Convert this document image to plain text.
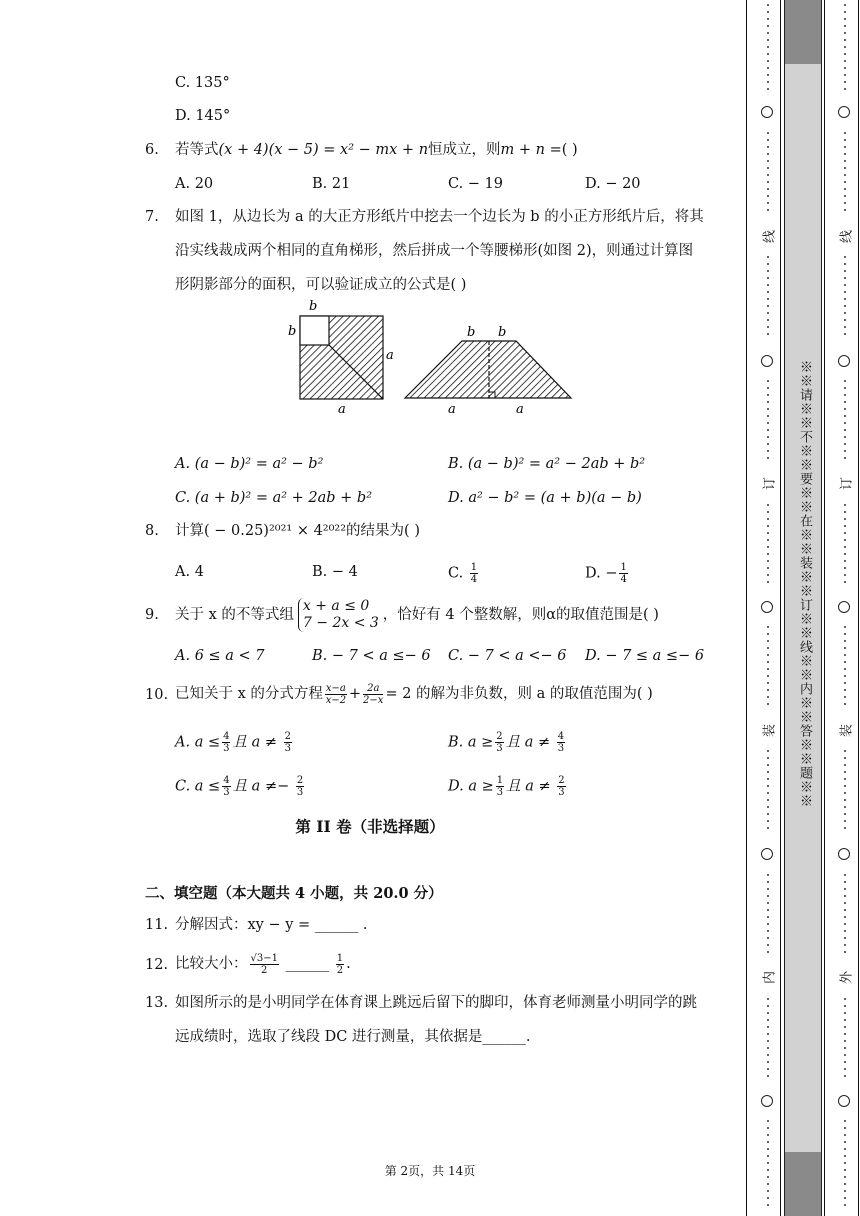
C. 135°
D. 145°
6. 若等式(x + 4)(x − 5) = x² − mx + n恒成立，则m + n =( )
A. 20	B. 21	C. − 19	D. − 20
7. 如图 1，从边长为 a 的大正方形纸片中挖去一个边长为 b 的小正方形纸片后，将其
沿实线裁成两个相同的直角梯形，然后拼成一个等腰梯形(如图 2)，则通过计算图
形阴影部分的面积，可以验证成立的公式是( )
b
b
a
a
b b
a	a
A. (a − b)² = a² − b²	B. (a − b)² = a² − 2ab + b²
C. (a + b)² = a² + 2ab + b²	D. a² − b² = (a + b)(a − b)
8. 计算( − 0.25)²⁰²¹ × 4²⁰²²的结果为( )
A. 4	B. − 4	C. $\frac{1}{4}$	D. − $\frac{1}{4}$
9. 关于 x 的不等式组
x + a ≤ 0
7 − 2x < 3 ，恰好有 4 个整数解，则α的取值范围是( )
A. 6 ≤ a < 7	B. − 7 < a ≤− 6 C. − 7 < a <− 6 D. − 7 ≤ a ≤− 6
10. 已知关于 x 的分式方程 $\frac{x-a}{x-2} + \frac{2a}{2-x} = 2$ 的解为非负数，则 a 的取值范围为( )
A. $a \le \frac{4}{3}$ 且 $a \ne \frac{2}{3}$	B. $a \ge \frac{2}{3}$ 且 $a \ne \frac{4}{3}$
C. $a \le \frac{4}{3}$ 且 $a \ne- \frac{2}{3}$	D. $a \ge \frac{1}{3}$ 且 $a \ne \frac{2}{3}$
第 II 卷（非选择题）
二、填空题（本大题共 4 小题，共 20.0 分）
11. 分解因式：xy − y = ______ .
12. 比较大小： $\frac{√3-1}{2}$ ______ $\frac{1}{2}$ .
13. 如图所示的是小明同学在体育课上跳远后留下的脚印，体育老师测量小明同学的跳
远成绩时，选取了线段 DC 进行测量，其依据是______.
第 2页，共 14页
※※请※※不※※要※※在※※装※※订※※线※※内※※答※※题※※
线
订
装
内
线
订
装
外
